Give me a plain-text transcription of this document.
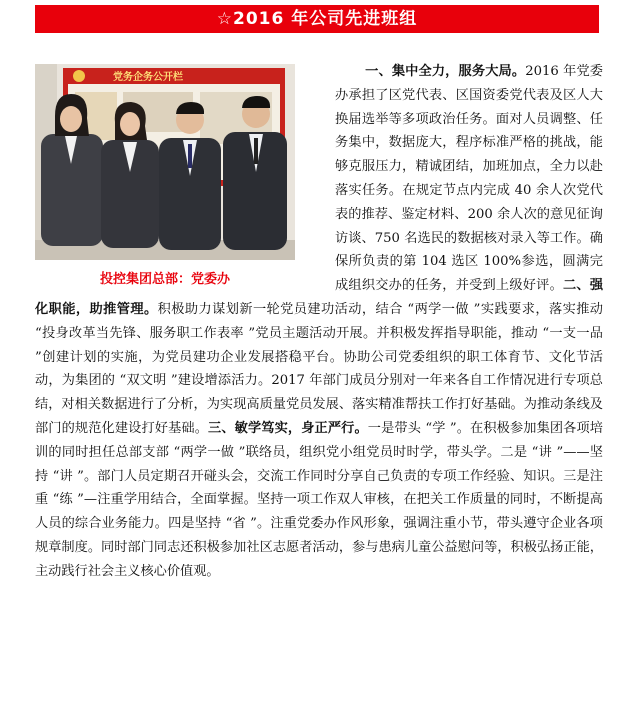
☆2016 年公司先进班组
党务企务公开栏
投控集团总部：党委办
一、集中全力，服务大局。2016 年党委办承担了区党代表、区国资委党代表及区人大换届选举等多项政治任务。面对人员调整、任务集中，数据庞大，程序标准严格的挑战，能够克服压力，精诚团结，加班加点，全力以赴落实任务。在规定节点内完成 40 余人次党代表的推荐、鉴定材料、200 余人次的意见征询访谈、750 名选民的数据核对录入等工作。确保所负责的第 104 选区 100%参选，圆满完成组织交办的任务，并受到上级好评。二、强化职能，助推管理。积极助力谋划新一轮党员建功活动，结合 “两学一做 ”实践要求，落实推动 “投身改革当先锋、服务职工作表率 ”党员主题活动开展。并积极发挥指导职能，推动 “一支一品 ”创建计划的实施，为党员建功企业发展搭稳平台。协助公司党委组织的职工体育节、文化节活动，为集团的 “双文明 ”建设增添活力。2017 年部门成员分别对一年来各自工作情况进行专项总结，对相关数据进行了分析，为实现高质量党员发展、落实精准帮扶工作打好基础。为推动条线及部门的规范化建设打好基础。三、敏学笃实，身正严行。一是带头 “学 ”。在积极参加集团各项培训的同时担任总部支部 “两学一做 ”联络员，组织党小组党员时时学，带头学。二是 “讲 ”——坚持 “讲 ”。部门人员定期召开碰头会，交流工作同时分享自己负责的专项工作经验、知识。三是注重 “练 ”—注重学用结合，全面掌握。坚持一项工作双人审核，在把关工作质量的同时，不断提高人员的综合业务能力。四是坚持 “省 ”。注重党委办作风形象，强调注重小节，带头遵守企业各项规章制度。同时部门同志还积极参加社区志愿者活动，参与患病儿童公益慰问等，积极弘扬正能，主动践行社会主义核心价值观。
